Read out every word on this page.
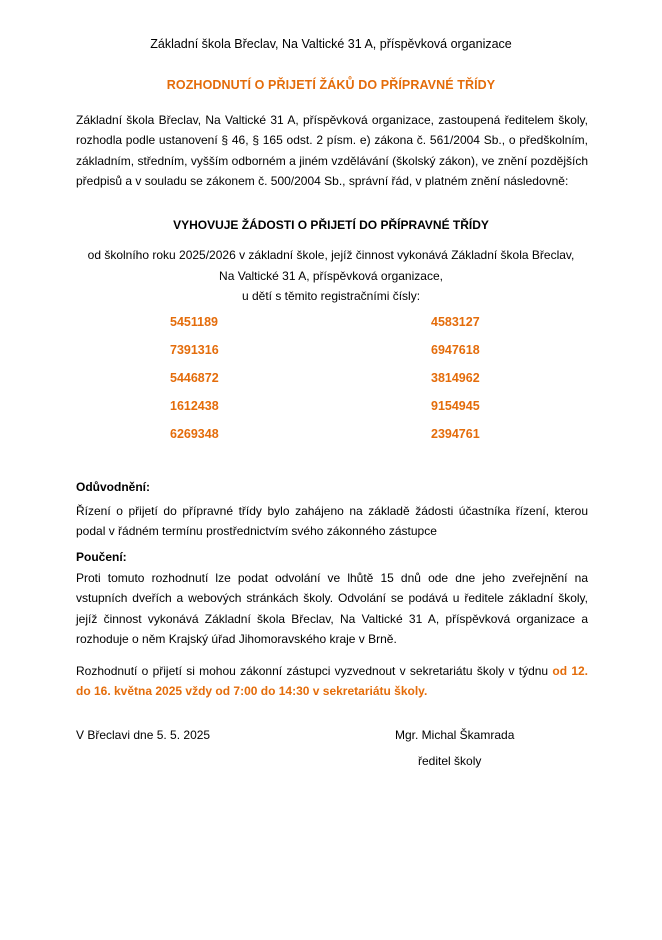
Základní škola Břeclav, Na Valtické 31 A, příspěvková organizace
ROZHODNUTÍ O PŘIJETÍ ŽÁKŮ DO PŘÍPRAVNÉ TŘÍDY
Základní škola Břeclav, Na Valtické 31 A, příspěvková organizace, zastoupená ředitelem školy, rozhodla podle ustanovení § 46, § 165 odst. 2 písm. e) zákona č. 561/2004 Sb., o předškolním, základním, středním, vyšším odborném a jiném vzdělávání (školský zákon), ve znění pozdějších předpisů a v souladu se zákonem č. 500/2004 Sb., správní řád, v platném znění následovně:
VYHOVUJE ŽÁDOSTI O PŘIJETÍ DO PŘÍPRAVNÉ TŘÍDY
od školního roku 2025/2026 v základní škole, jejíž činnost vykonává Základní škola Břeclav,
Na Valtické 31 A, příspěvková organizace,
u dětí s těmito registračními čísly:
5451189
7391316
5446872
1612438
6269348
4583127
6947618
3814962
9154945
2394761
Odůvodnění:
Řízení o přijetí do přípravné třídy bylo zahájeno na základě žádosti účastníka řízení, kterou podal v řádném termínu prostřednictvím svého zákonného zástupce
Poučení:
Proti tomuto rozhodnutí lze podat odvolání ve lhůtě 15 dnů ode dne jeho zveřejnění na vstupních dveřích a webových stránkách školy. Odvolání se podává u ředitele základní školy, jejíž činnost vykonává Základní škola Břeclav, Na Valtické 31 A, příspěvková organizace a rozhoduje o něm Krajský úřad Jihomoravského kraje v Brně.
Rozhodnutí o přijetí si mohou zákonní zástupci vyzvednout v sekretariátu školy v týdnu od 12. do 16. května 2025 vždy od 7:00 do 14:30 v sekretariátu školy.
V Břeclavi dne 5. 5. 2025	Mgr. Michal Škamrada
ředitel školy
